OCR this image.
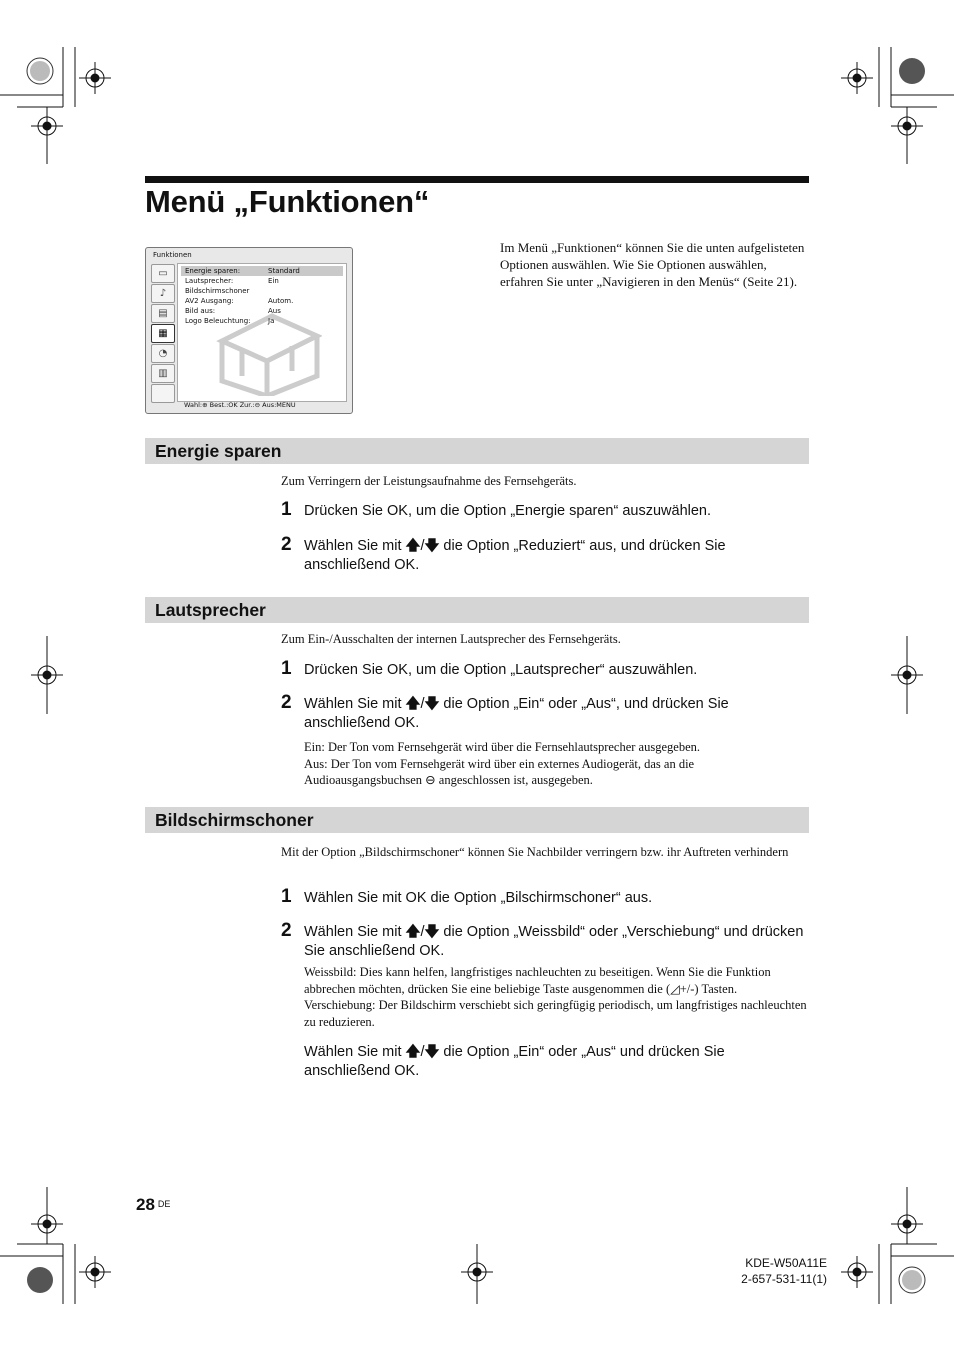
Menü „Funktionen“
Funktionen
▭
♪
▤
▦
◔
▥
Energie sparen:	Standard
Lautsprecher:	Ein
Bildschirmschoner
AV2 Ausgang:	Autom.
Bild aus:	Aus
Logo Beleuchtung: Ja
Wahl:⊕ Best.:OK Zur.:⊖ Aus:MENU
Im Menü „Funktionen“ können Sie die unten aufgelisteten Optionen auswählen. Wie Sie Optionen auswählen, erfahren Sie unter „Navigieren in den Menüs“ (Seite 21).
Energie sparen
Zum Verringern der Leistungsaufnahme des Fernsehgeräts.
1 Drücken Sie OK, um die Option „Energie sparen“ auszuwählen.
2 Wählen Sie mit 🡅/🡇 die Option „Reduziert“ aus, und drücken Sie anschließend OK.
Lautsprecher
Zum Ein-/Ausschalten der internen Lautsprecher des Fernsehgeräts.
1 Drücken Sie OK, um die Option „Lautsprecher“ auszuwählen.
2 Wählen Sie mit 🡅/🡇 die Option „Ein“ oder „Aus“, und drücken Sie anschließend OK.
Ein: Der Ton vom Fernsehgerät wird über die Fernsehlautsprecher ausgegeben.
Aus: Der Ton vom Fernsehgerät wird über ein externes Audiogerät, das an die Audioausgangsbuchsen ⊖ angeschlossen ist, ausgegeben.
Bildschirmschoner
Mit der Option „Bildschirmschoner“ können Sie Nachbilder verringern bzw. ihr Auftreten verhindern
1 Wählen Sie mit OK die Option „Bilschirmschoner“ aus.
2 Wählen Sie mit 🡅/🡇 die Option „Weissbild“ oder „Verschiebung“ und drücken Sie anschließend OK.
Weissbild: Dies kann helfen, langfristiges nachleuchten zu beseitigen. Wenn Sie die Funktion abbrechen möchten, drücken Sie eine beliebige Taste ausgenommen die (◿+/-) Tasten.
Verschiebung: Der Bildschirm verschiebt sich geringfügig periodisch, um langfristiges nachleuchten zu reduzieren.
Wählen Sie mit 🡅/🡇 die Option „Ein“ oder „Aus“ und drücken Sie anschließend OK.
28 DE
KDE-W50A11E
2-657-531-11(1)
